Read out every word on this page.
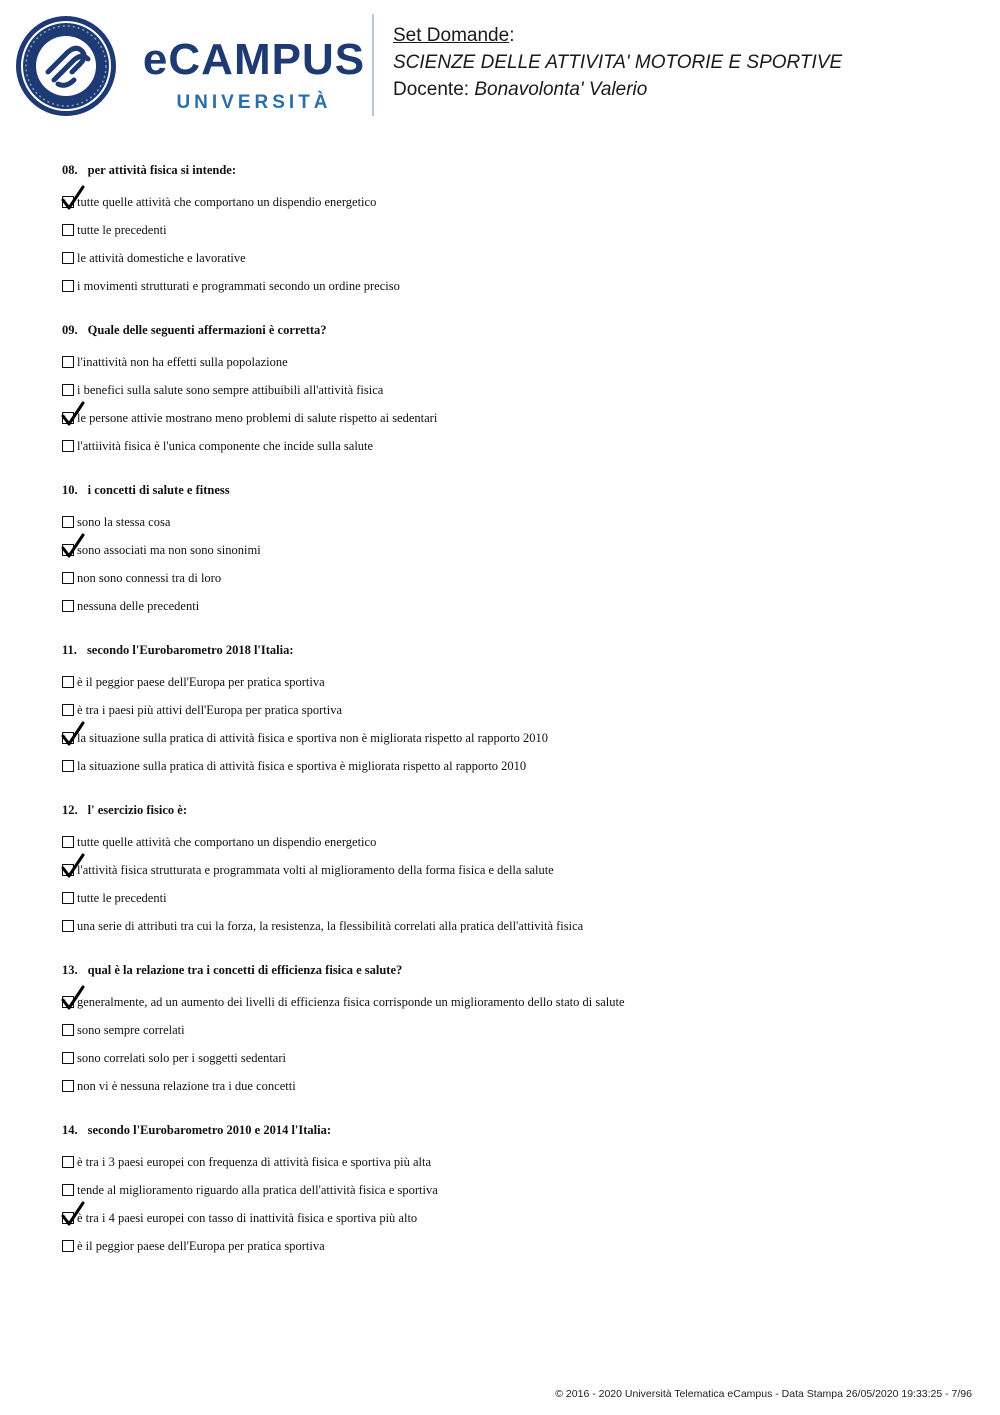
eCAMPUS
UNIVERSITÀ
Set Domande:
SCIENZE DELLE ATTIVITA' MOTORIE E SPORTIVE
Docente: Bonavolonta' Valerio
08. per attività fisica si intende:
tutte quelle attività che comportano un dispendio energetico
tutte le precedenti
le attività domestiche e lavorative
i movimenti strutturati e programmati secondo un ordine preciso
09. Quale delle seguenti affermazioni è corretta?
l'inattività non ha effetti sulla popolazione
i benefici sulla salute sono sempre attibuibili all'attività fisica
le persone attivie mostrano meno problemi di salute rispetto ai sedentari
l'attiività fisica è l'unica componente che incide sulla salute
10. i concetti di salute e fitness
sono la stessa cosa
sono associati ma non sono sinonimi
non sono connessi tra di loro
nessuna delle precedenti
11. secondo l'Eurobarometro 2018 l'Italia:
è il peggior paese dell'Europa per pratica sportiva
è tra i paesi più attivi dell'Europa per pratica sportiva
la situazione sulla pratica di attività fisica e sportiva non è migliorata rispetto al rapporto 2010
la situazione sulla pratica di attività fisica e sportiva è migliorata rispetto al rapporto 2010
12. l' esercizio fisico è:
tutte quelle attività che comportano un dispendio energetico
l'attività fisica strutturata e programmata volti al miglioramento della forma fisica e della salute
tutte le precedenti
una serie di attributi tra cui la forza, la resistenza, la flessibilità correlati alla pratica dell'attività fisica
13. qual è la relazione tra i concetti di efficienza fisica e salute?
generalmente, ad un aumento dei livelli di efficienza fisica corrisponde un miglioramento dello stato di salute
sono sempre correlati
sono correlati solo per i soggetti sedentari
non vi è nessuna relazione tra i due concetti
14. secondo l'Eurobarometro 2010 e 2014 l'Italia:
è tra i 3 paesi europei con frequenza di attività fisica e sportiva più alta
tende al miglioramento riguardo alla pratica dell'attività fisica e sportiva
è tra i 4 paesi europei con tasso di inattività fisica e sportiva più alto
è il peggior paese dell'Europa per pratica sportiva
© 2016 - 2020 Università Telematica eCampus - Data Stampa 26/05/2020 19:33:25 - 7/96
